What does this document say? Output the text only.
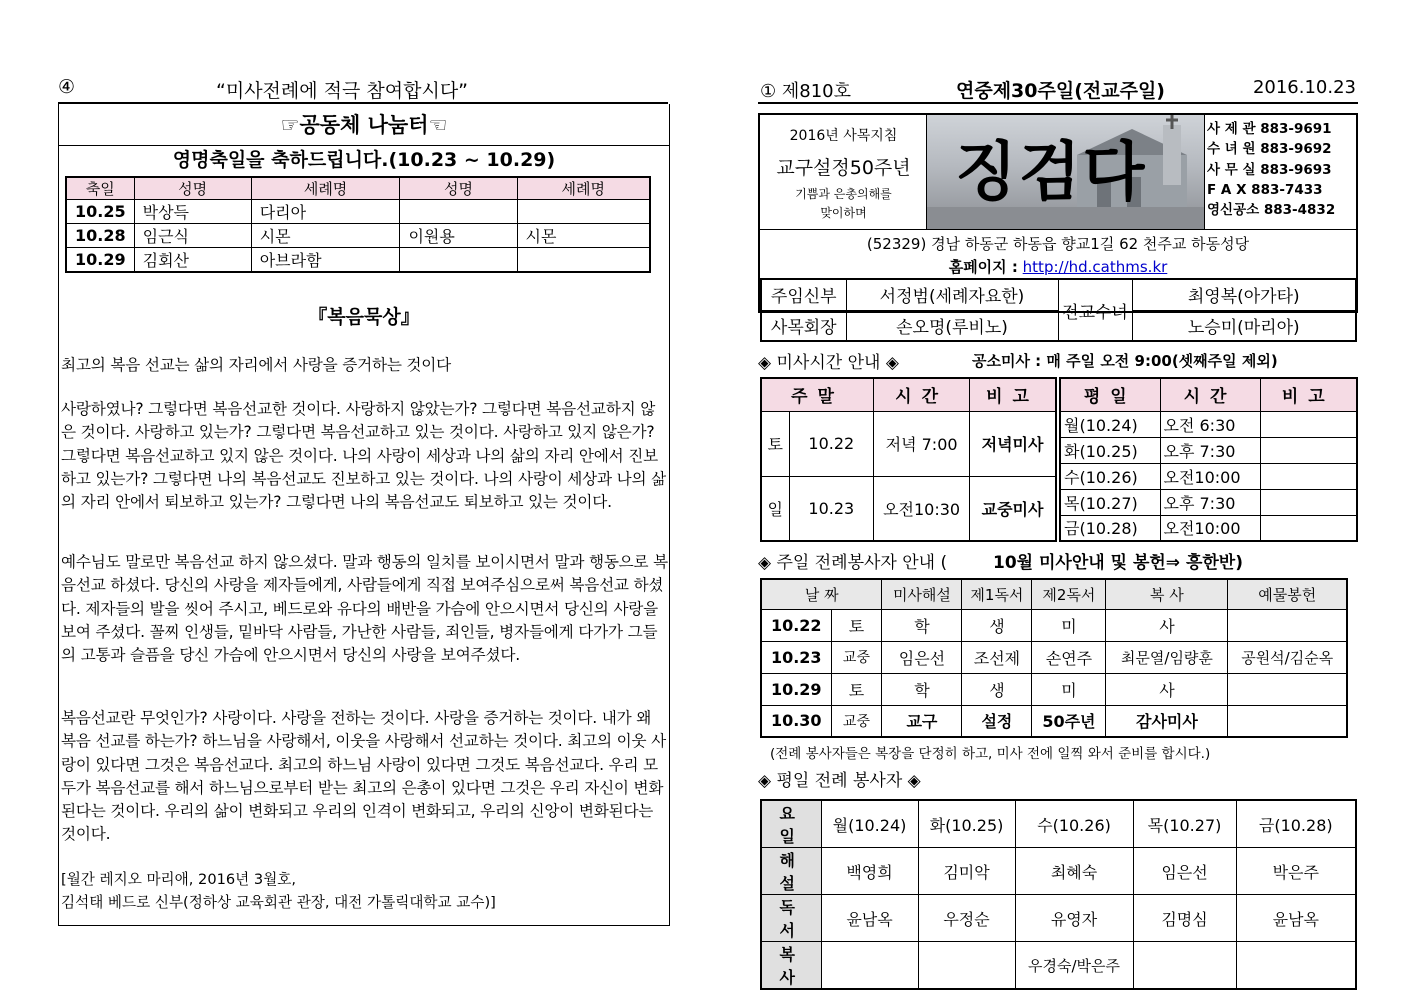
④	“미사전례에 적극 참여합시다”
☞공동체 나눔터☜
영명축일을 축하드립니다.(10.23 ~ 10.29)
축일	성명	세례명	성명	세례명
10.25	박상득	다리아		
10.28	임근식	시몬	이원용	시몬
10.29	김회산	아브라함		
『복음묵상』

최고의 복음 선교는 삶의 자리에서 사랑을 증거하는 것이다

사랑하였나? 그렇다면 복음선교한 것이다. 사랑하지 않았는가? 그렇다면 복음선교하지 않은 것이다. 사랑하고 있는가? 그렇다면 복음선교하고 있는 것이다. 사랑하고 있지 않은가? 그렇다면 복음선교하고 있지 않은 것이다. 나의 사랑이 세상과 나의 삶의 자리 안에서 진보하고 있는가? 그렇다면 나의 복음선교도 진보하고 있는 것이다. 나의 사랑이 세상과 나의 삶의 자리 안에서 퇴보하고 있는가? 그렇다면 나의 복음선교도 퇴보하고 있는 것이다.

예수님도 말로만 복음선교 하지 않으셨다. 말과 행동의 일치를 보이시면서 말과 행동으로 복음선교 하셨다. 당신의 사랑을 제자들에게, 사람들에게 직접 보여주심으로써 복음선교 하셨다. 제자들의 발을 씻어 주시고, 베드로와 유다의 배반을 가슴에 안으시면서 당신의 사랑을 보여 주셨다. 꼴찌 인생들, 밑바닥 사람들, 가난한 사람들, 죄인들, 병자들에게 다가가 그들의 고통과 슬픔을 당신 가슴에 안으시면서 당신의 사랑을 보여주셨다.

복음선교란 무엇인가? 사랑이다. 사랑을 전하는 것이다. 사랑을 증거하는 것이다. 내가 왜 복음 선교를 하는가? 하느님을 사랑해서, 이웃을 사랑해서 선교하는 것이다. 최고의 이웃 사랑이 있다면 그것은 복음선교다. 최고의 하느님 사랑이 있다면 그것도 복음선교다. 우리 모두가 복음선교를 해서 하느님으로부터 받는 최고의 은총이 있다면 그것은 우리 자신이 변화된다는 것이다. 우리의 삶이 변화되고 우리의 인격이 변화되고, 우리의 신앙이 변화된다는 것이다.

[월간 레지오 마리애, 2016년 3월호,
김석태 베드로 신부(정하상 교육회관 관장, 대전 가톨릭대학교 교수)]
① 제810호	연중제30주일(전교주일)	2016.10.23
2016년 사목지침
교구설정50주년
기쁨과 은총의해를
맞이하며
징검다
사 제 관 883-9691
수 녀 원 883-9692
사 무 실 883-9693
F A X 883-7433
영신공소 883-4832
(52329) 경남 하동군 하동읍 향교1길 62 천주교 하동성당
홈페이지 : http://hd.cathms.kr
주임신부	서정범(세례자요한)	전교수녀	최영복(아가타)
사목회장	손오명(루비노)		노승미(마리아)
◈ 미사시간 안내 ◈	공소미사 : 매 주일 오전 9:00(셋째주일 제외)
주말		시간	비고
토	10.22	저녁 7:00	저녁미사
일	10.23	오전10:30	교중미사
평일	시간	비고
월(10.24)	오전 6:30	
화(10.25)	오후 7:30	
수(10.26)	오전10:00	
목(10.27)	오후 7:30	
금(10.28)	오전10:00	
◈ 주일 전례봉사자 안내 (	10월 미사안내 및 봉헌⇒ 흥한반)
날 짜		미사해설	제1독서	제2독서	복 사	예물봉헌
10.22	토	학	생	미	사	
10.23	교중	임은선	조선제	손연주	최문열/임량훈	공원석/김순옥
10.29	토	학	생	미	사	
10.30	교중	교구	설정	50주년	감사미사	
(전례 봉사자들은 복장을 단정히 하고, 미사 전에 일찍 와서 준비를 합시다.)
◈ 평일 전례 봉사자 ◈
요 일	월(10.24)	화(10.25)	수(10.26)	목(10.27)	금(10.28)
해 설	백영희	김미악	최혜숙	임은선	박은주
독 서	윤남옥	우정순	유영자	김명심	윤남옥
복 사			우경숙/박은주		
